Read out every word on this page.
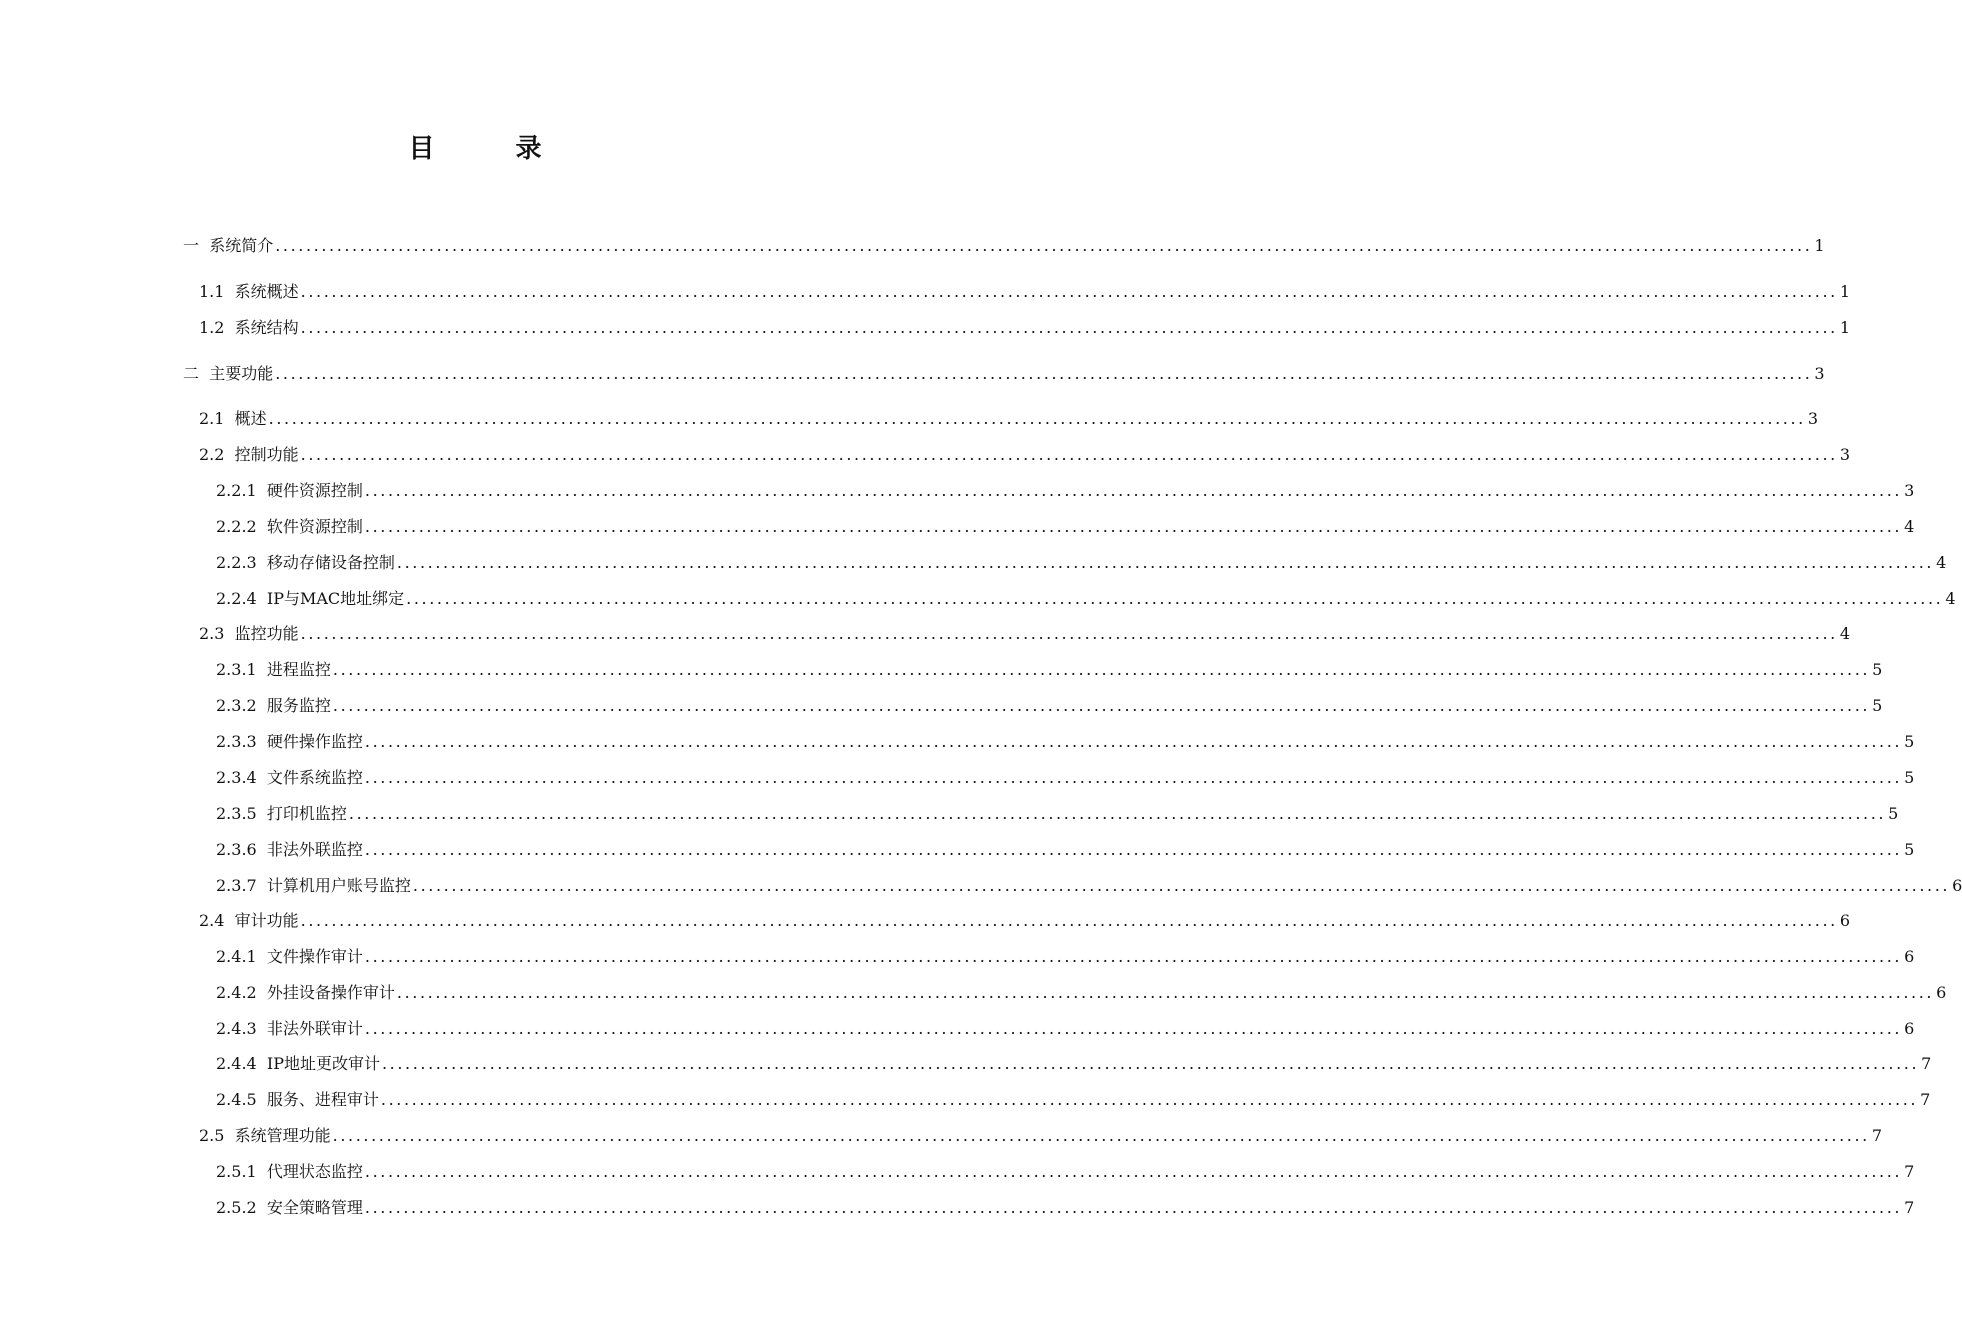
目 录
一 系统简介 ........................................................................................................................................................................................................ 1
1.1 系统概述 ........................................................................................................................................................................................................ 1
1.2 系统结构 ........................................................................................................................................................................................................ 1
二 主要功能 ........................................................................................................................................................................................................ 3
2.1 概述 ........................................................................................................................................................................................................ 3
2.2 控制功能 ........................................................................................................................................................................................................ 3
2.2.1 硬件资源控制 ........................................................................................................................................................................................................ 3
2.2.2 软件资源控制 ........................................................................................................................................................................................................ 4
2.2.3 移动存储设备控制 ........................................................................................................................................................................................................ 4
2.2.4 IP与MAC地址绑定 ........................................................................................................................................................................................................ 4
2.3 监控功能 ........................................................................................................................................................................................................ 4
2.3.1 进程监控 ........................................................................................................................................................................................................ 5
2.3.2 服务监控 ........................................................................................................................................................................................................ 5
2.3.3 硬件操作监控 ........................................................................................................................................................................................................ 5
2.3.4 文件系统监控 ........................................................................................................................................................................................................ 5
2.3.5 打印机监控 ........................................................................................................................................................................................................ 5
2.3.6 非法外联监控 ........................................................................................................................................................................................................ 5
2.3.7 计算机用户账号监控 ........................................................................................................................................................................................................ 6
2.4 审计功能 ........................................................................................................................................................................................................ 6
2.4.1 文件操作审计 ........................................................................................................................................................................................................ 6
2.4.2 外挂设备操作审计 ........................................................................................................................................................................................................ 6
2.4.3 非法外联审计 ........................................................................................................................................................................................................ 6
2.4.4 IP地址更改审计 ........................................................................................................................................................................................................ 7
2.4.5 服务、进程审计 ........................................................................................................................................................................................................ 7
2.5 系统管理功能 ........................................................................................................................................................................................................ 7
2.5.1 代理状态监控 ........................................................................................................................................................................................................ 7
2.5.2 安全策略管理 ........................................................................................................................................................................................................ 7
